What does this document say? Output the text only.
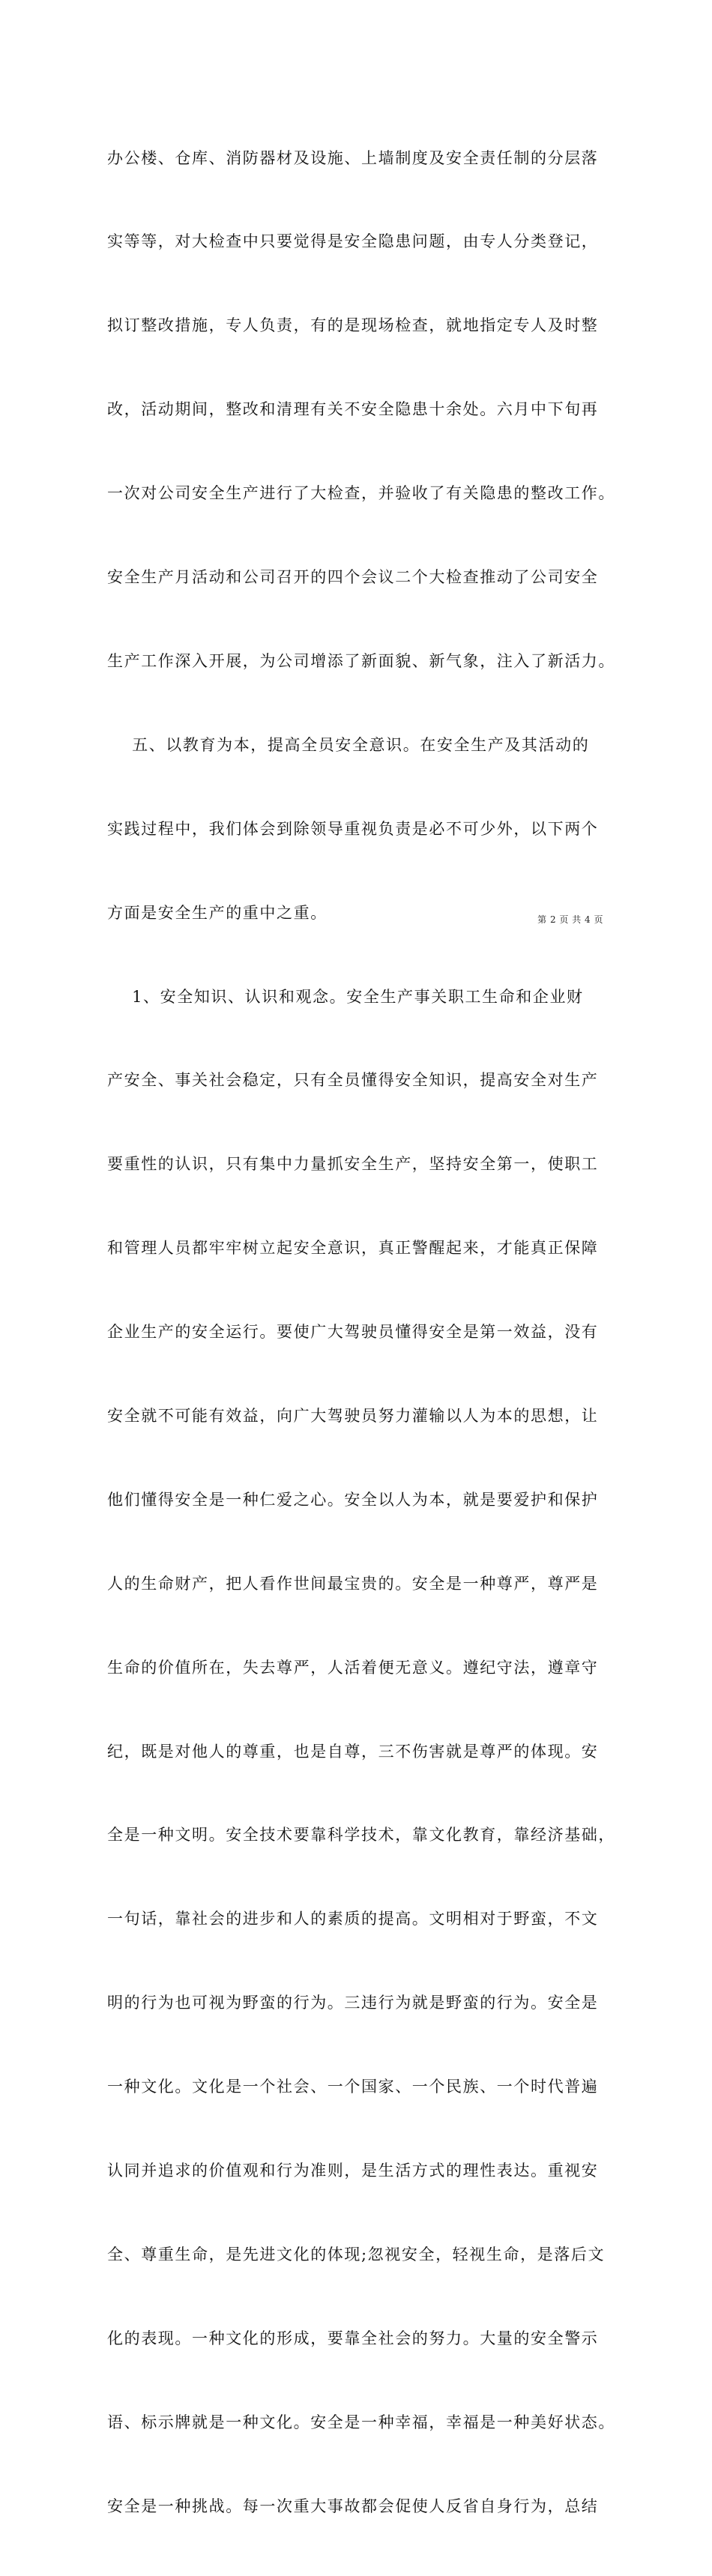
办公楼、仓库、消防器材及设施、上墙制度及安全责任制的分层落

实等等，对大检查中只要觉得是安全隐患问题，由专人分类登记，

拟订整改措施，专人负责，有的是现场检查，就地指定专人及时整

改，活动期间，整改和清理有关不安全隐患十余处。六月中下旬再

一次对公司安全生产进行了大检查，并验收了有关隐患的整改工作。

安全生产月活动和公司召开的四个会议二个大检查推动了公司安全

生产工作深入开展，为公司增添了新面貌、新气象，注入了新活力。

五、以教育为本，提高全员安全意识。在安全生产及其活动的

实践过程中，我们体会到除领导重视负责是必不可少外，以下两个

方面是安全生产的重中之重。

1、安全知识、认识和观念。安全生产事关职工生命和企业财

产安全、事关社会稳定，只有全员懂得安全知识，提高安全对生产

要重性的认识，只有集中力量抓安全生产，坚持安全第一，使职工

和管理人员都牢牢树立起安全意识，真正警醒起来，才能真正保障

企业生产的安全运行。要使广大驾驶员懂得安全是第一效益，没有

安全就不可能有效益，向广大驾驶员努力灌输以人为本的思想，让

他们懂得安全是一种仁爱之心。安全以人为本，就是要爱护和保护

人的生命财产，把人看作世间最宝贵的。安全是一种尊严，尊严是

生命的价值所在，失去尊严，人活着便无意义。遵纪守法，遵章守

纪，既是对他人的尊重，也是自尊，三不伤害就是尊严的体现。安

全是一种文明。安全技术要靠科学技术，靠文化教育，靠经济基础，

一句话，靠社会的进步和人的素质的提高。文明相对于野蛮，不文

明的行为也可视为野蛮的行为。三违行为就是野蛮的行为。安全是

一种文化。文化是一个社会、一个国家、一个民族、一个时代普遍

认同并追求的价值观和行为准则，是生活方式的理性表达。重视安

全、尊重生命，是先进文化的体现;忽视安全，轻视生命，是落后文

化的表现。一种文化的形成，要靠全社会的努力。大量的安全警示

语、标示牌就是一种文化。安全是一种幸福，幸福是一种美好状态。

安全是一种挑战。每一次重大事故都会促使人反省自身行为，总结

第 2 页 共 4 页
